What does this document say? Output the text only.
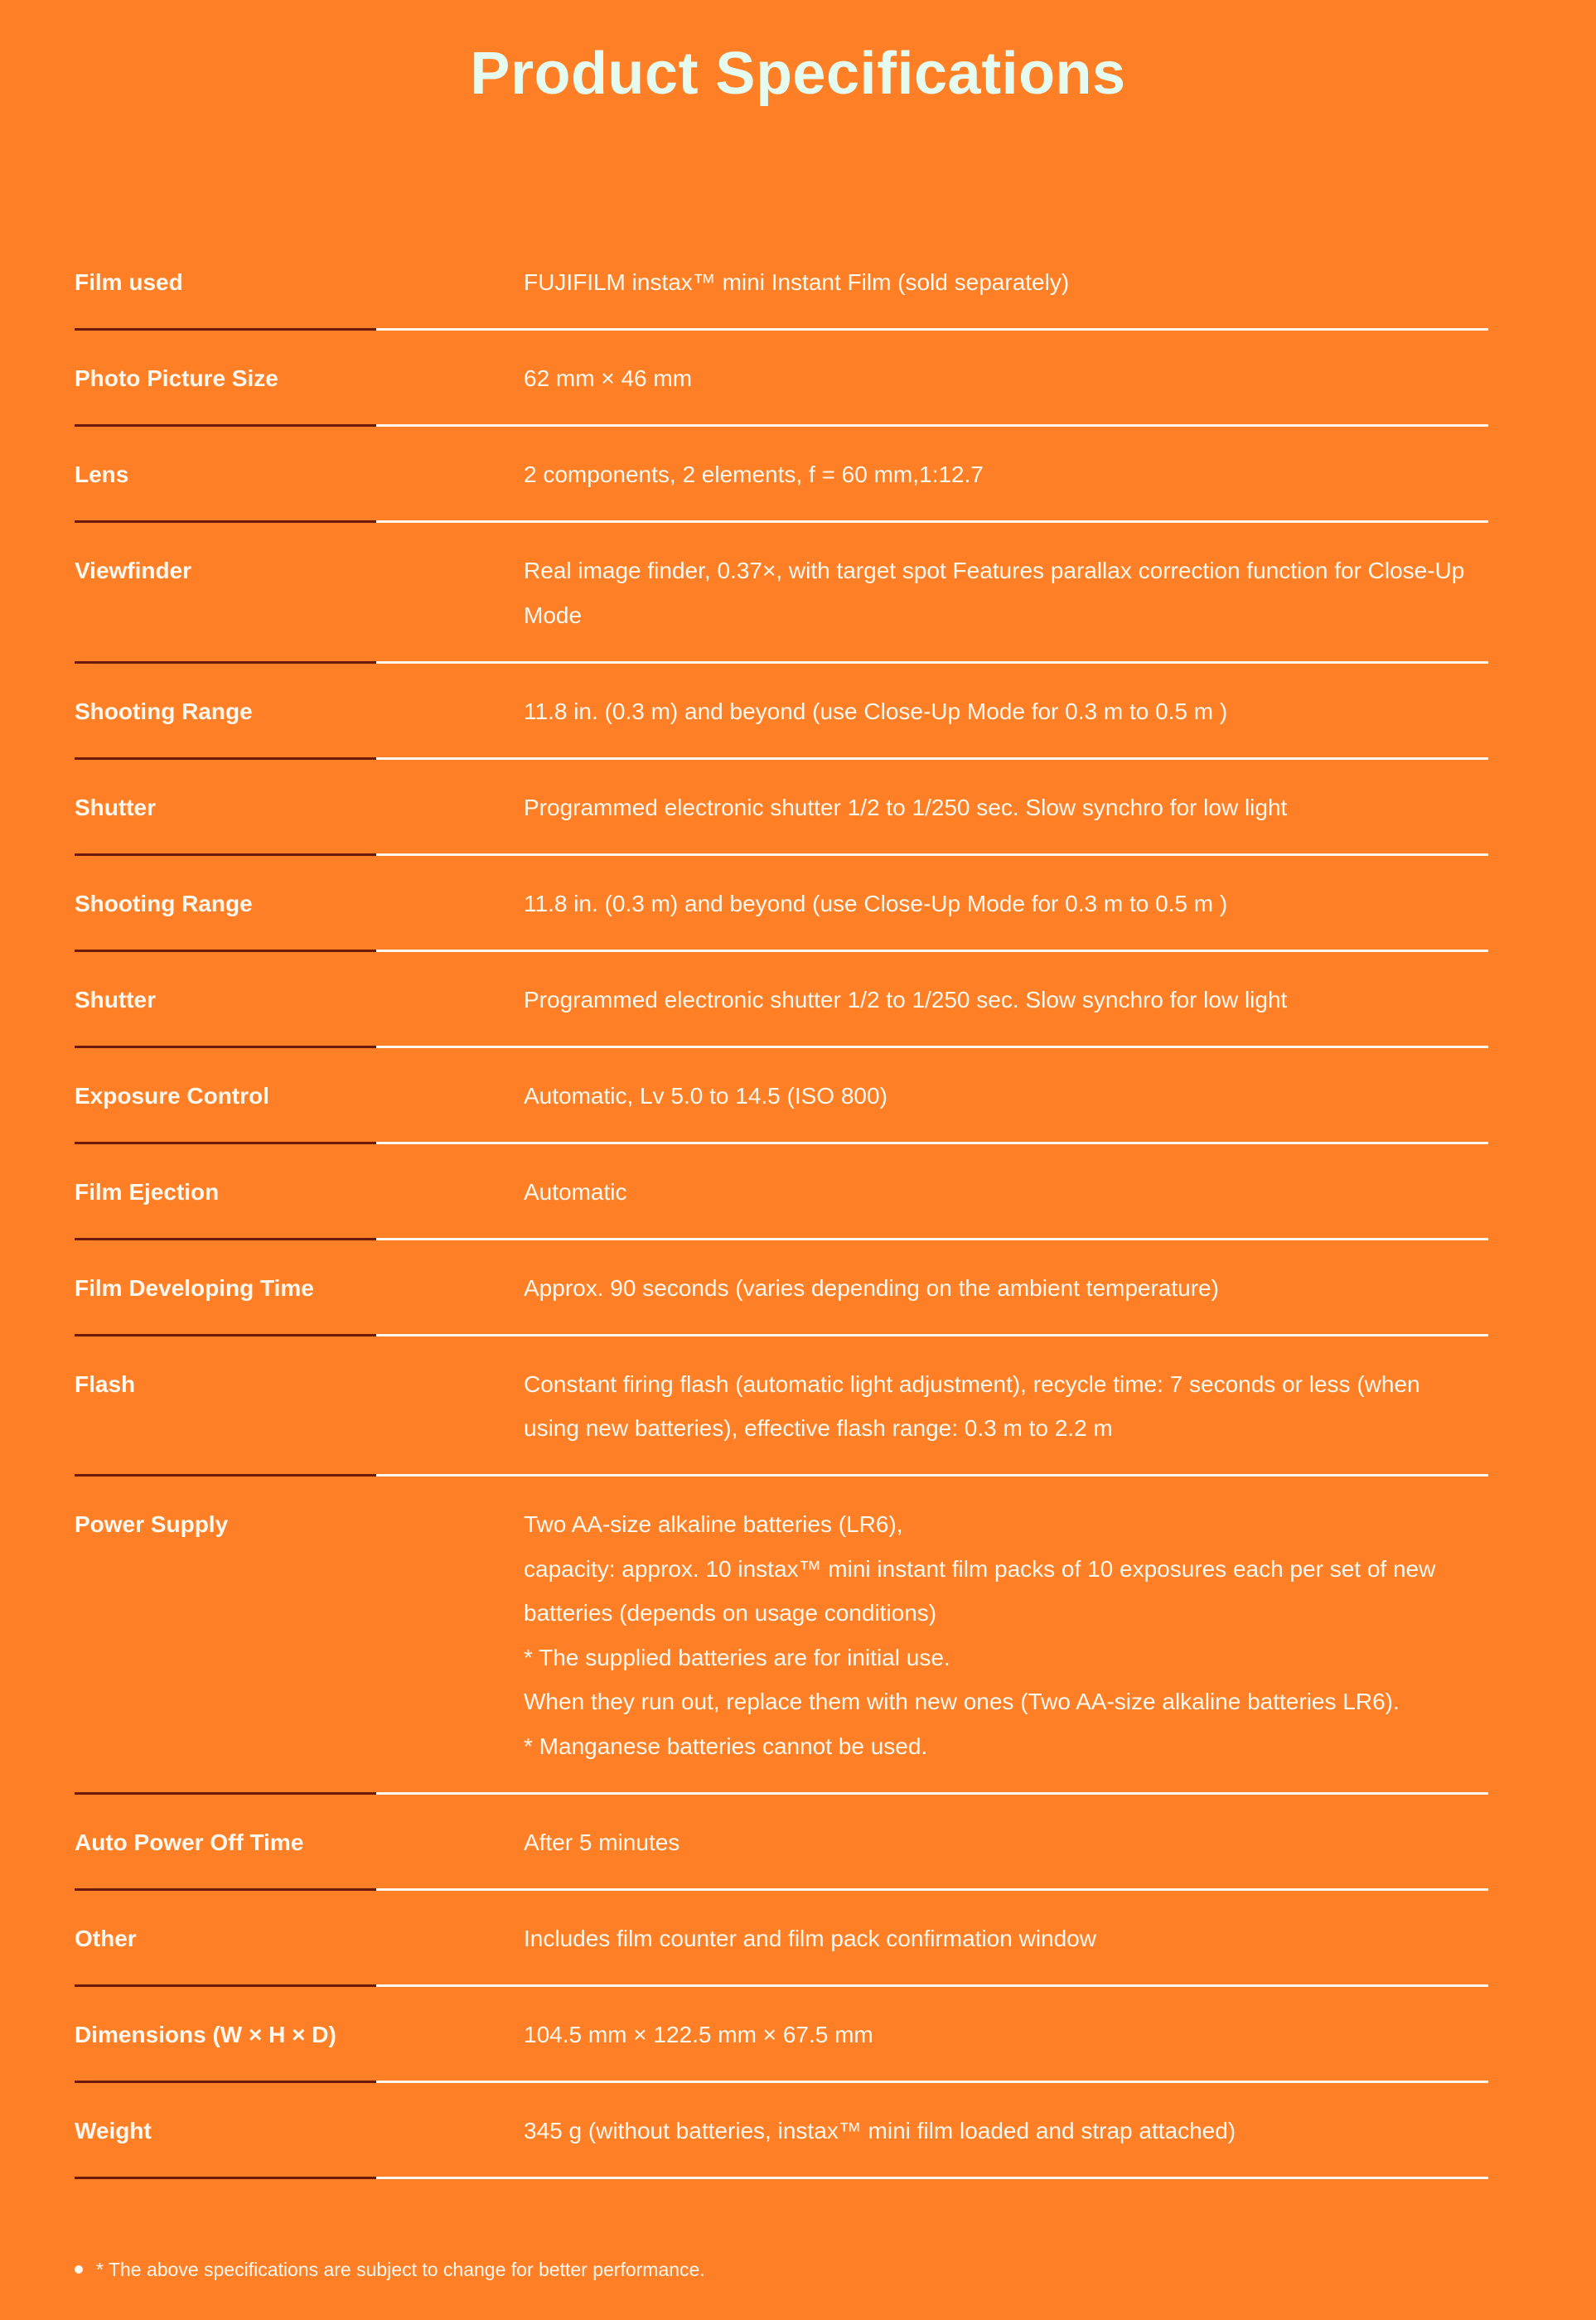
Product Specifications
Film used	FUJIFILM instax™ mini Instant Film (sold separately)
Photo Picture Size	62 mm × 46 mm
Lens	2 components, 2 elements, f = 60 mm,1:12.7
Viewfinder	Real image finder, 0.37×, with target spot Features parallax correction function for Close-Up
Mode
Shooting Range	11.8 in. (0.3 m) and beyond (use Close-Up Mode for 0.3 m to 0.5 m )
Shutter	Programmed electronic shutter 1/2 to 1/250 sec. Slow synchro for low light
Shooting Range	11.8 in. (0.3 m) and beyond (use Close-Up Mode for 0.3 m to 0.5 m )
Shutter	Programmed electronic shutter 1/2 to 1/250 sec. Slow synchro for low light
Exposure Control	Automatic, Lv 5.0 to 14.5 (ISO 800)
Film Ejection	Automatic
Film Developing Time	Approx. 90 seconds (varies depending on the ambient temperature)
Flash	Constant firing flash (automatic light adjustment), recycle time: 7 seconds or less (when
using new batteries), effective flash range: 0.3 m to 2.2 m
Power Supply	Two AA-size alkaline batteries (LR6),
capacity: approx. 10 instax™ mini instant film packs of 10 exposures each per set of new
batteries (depends on usage conditions)
* The supplied batteries are for initial use.
When they run out, replace them with new ones (Two AA-size alkaline batteries LR6).
* Manganese batteries cannot be used.
Auto Power Off Time	After 5 minutes
Other	Includes film counter and film pack confirmation window
Dimensions (W × H × D)	104.5 mm × 122.5 mm × 67.5 mm
Weight	345 g (without batteries, instax™ mini film loaded and strap attached)
* The above specifications are subject to change for better performance.
